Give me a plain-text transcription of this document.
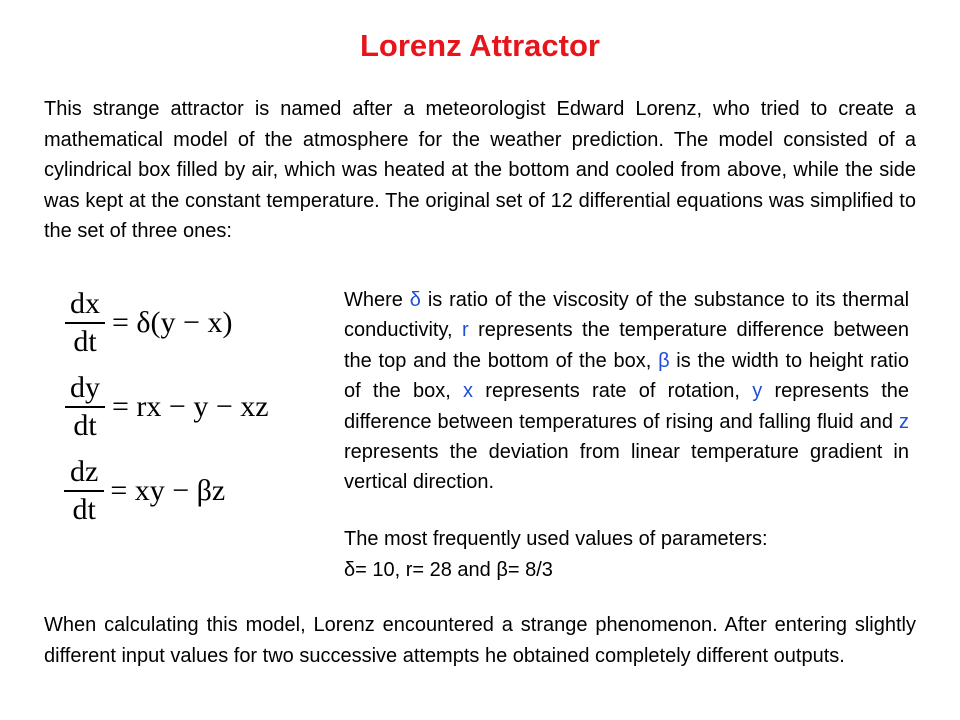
Lorenz Attractor
This strange attractor is named after a meteorologist Edward Lorenz, who tried to create a mathematical model of the atmosphere for the weather prediction. The model consisted of a cylindrical box filled by air, which was heated at the bottom and cooled from above, while the side was kept at the constant temperature. The original set of 12 differential equations was simplified to the set of three ones:
$\frac{dx}{dt} = \delta(y - x)$
$\frac{dy}{dt}$ = rx − y − xz
$\frac{dz}{dt}$ = xy − βz
Where δ is ratio of the viscosity of the substance to its thermal conductivity, r represents the temperature difference between the top and the bottom of the box, β is the width to height ratio of the box, x represents rate of rotation, y represents the difference between temperatures of rising and falling fluid and z represents the deviation from linear temperature gradient in vertical direction.
The most frequently used values of parameters:
δ= 10, r= 28 and β= 8/3
When calculating this model, Lorenz encountered a strange phenomenon. After entering slightly different input values for two successive attempts he obtained completely different outputs.
